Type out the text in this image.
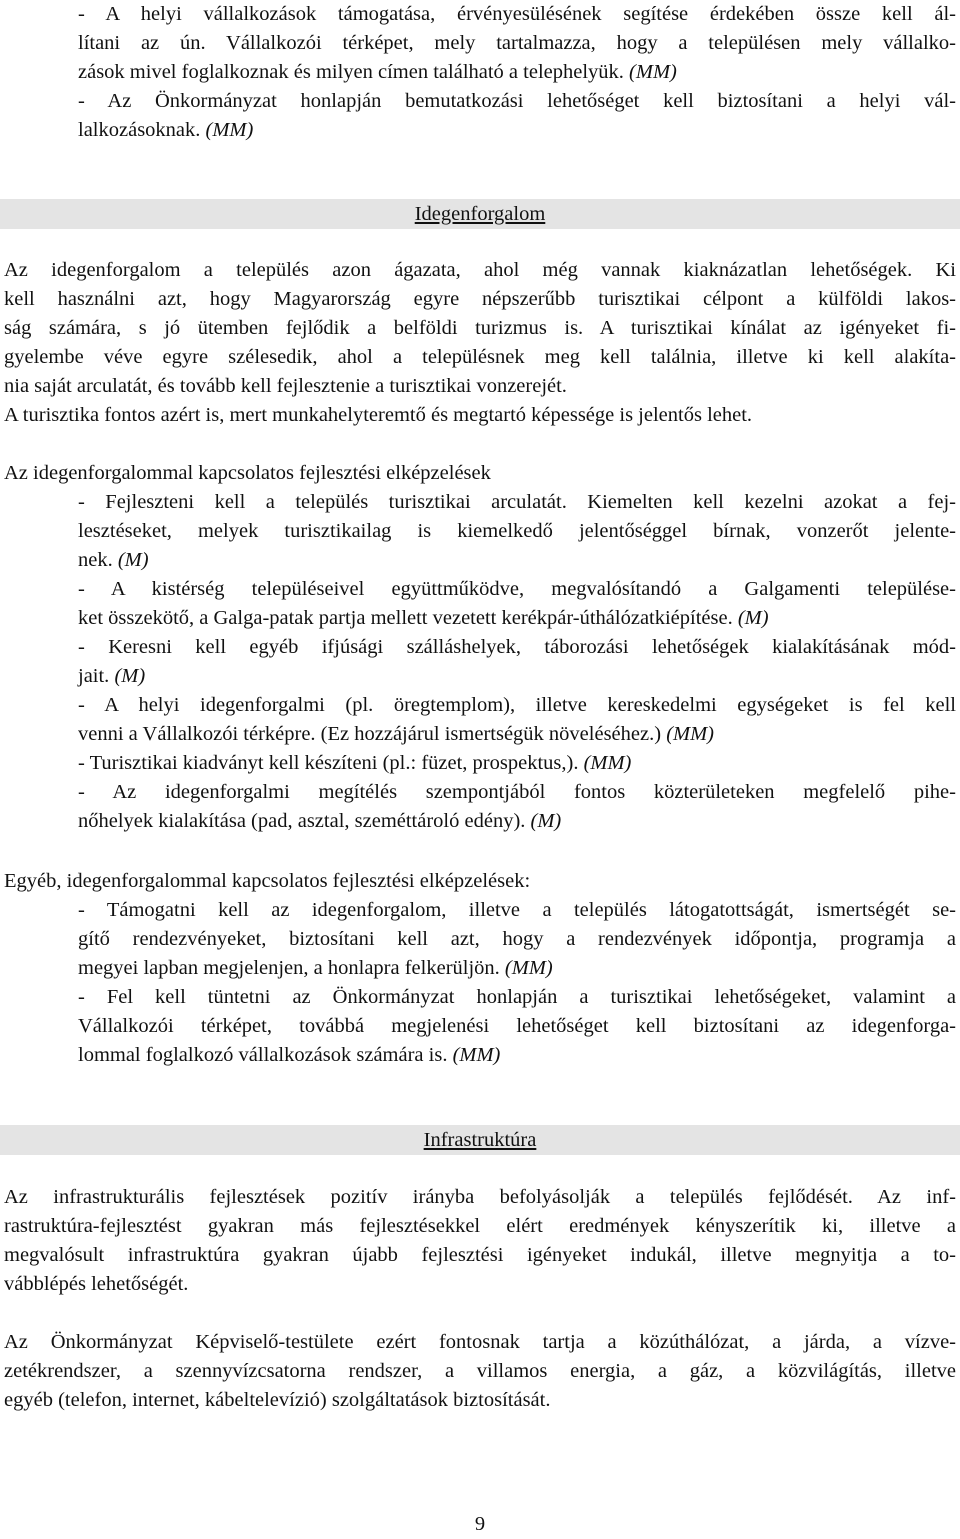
- A helyi vállalkozások támogatása, érvényesülésének segítése érdekében össze kell ál-
lítani az ún. Vállalkozói térképet, mely tartalmazza, hogy a településen mely vállalko-
zások mivel foglalkoznak és milyen címen található a telephelyük. (MM)
- Az Önkormányzat honlapján bemutatkozási lehetőséget kell biztosítani a helyi vál-
lalkozásoknak. (MM)
Idegenforgalom
Az idegenforgalom a település azon ágazata, ahol még vannak kiaknázatlan lehetőségek. Ki
kell használni azt, hogy Magyarország egyre népszerűbb turisztikai célpont a külföldi lakos-
ság számára, s jó ütemben fejlődik a belföldi turizmus is. A turisztikai kínálat az igényeket fi-
gyelembe véve egyre szélesedik, ahol a településnek meg kell találnia, illetve ki kell alakíta-
nia saját arculatát, és tovább kell fejlesztenie a turisztikai vonzerejét.
A turisztika fontos azért is, mert munkahelyteremtő és megtartó képessége is jelentős lehet.
Az idegenforgalommal kapcsolatos fejlesztési elképzelések
- Fejleszteni kell a település turisztikai arculatát. Kiemelten kell kezelni azokat a fej-
lesztéseket, melyek turisztikailag is kiemelkedő jelentőséggel bírnak, vonzerőt jelente-
nek. (M)
- A kistérség településeivel együttműködve, megvalósítandó a Galgamenti települése-
ket összekötő, a Galga-patak partja mellett vezetett kerékpár-úthálózatkiépítése. (M)
- Keresni kell egyéb ifjúsági szálláshelyek, táborozási lehetőségek kialakításának mód-
jait. (M)
- A helyi idegenforgalmi (pl. öregtemplom), illetve kereskedelmi egységeket is fel kell
venni a Vállalkozói térképre. (Ez hozzájárul ismertségük növeléséhez.) (MM)
- Turisztikai kiadványt kell készíteni (pl.: füzet, prospektus,). (MM)
- Az idegenforgalmi megítélés szempontjából fontos közterületeken megfelelő pihe-
nőhelyek kialakítása (pad, asztal, szeméttároló edény). (M)
Egyéb, idegenforgalommal kapcsolatos fejlesztési elképzelések:
- Támogatni kell az idegenforgalom, illetve a település látogatottságát, ismertségét se-
gítő rendezvényeket, biztosítani kell azt, hogy a rendezvények időpontja, programja a
megyei lapban megjelenjen, a honlapra felkerüljön. (MM)
- Fel kell tüntetni az Önkormányzat honlapján a turisztikai lehetőségeket, valamint a
Vállalkozói térképet, továbbá megjelenési lehetőséget kell biztosítani az idegenforga-
lommal foglalkozó vállalkozások számára is. (MM)
Infrastruktúra
Az infrastrukturális fejlesztések pozitív irányba befolyásolják a település fejlődését. Az inf-
rastruktúra-fejlesztést gyakran más fejlesztésekkel elért eredmények kényszerítik ki, illetve a
megvalósult infrastruktúra gyakran újabb fejlesztési igényeket indukál, illetve megnyitja a to-
vábblépés lehetőségét.
Az Önkormányzat Képviselő-testülete ezért fontosnak tartja a közúthálózat, a járda, a vízve-
zetékrendszer, a szennyvízcsatorna rendszer, a villamos energia, a gáz, a közvilágítás, illetve
egyéb (telefon, internet, kábeltelevízió) szolgáltatások biztosítását.
9
